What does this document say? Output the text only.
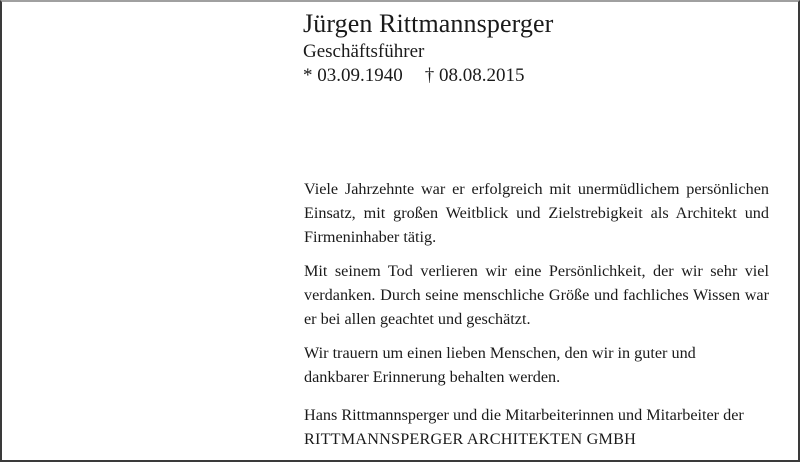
Jürgen Rittmannsperger
Geschäftsführer
* 03.09.1940 † 08.08.2015

Viele Jahrzehnte war er erfolgreich mit unermüdlichem persönlichen Einsatz, mit großen Weitblick und Zielstrebigkeit als Architekt und Firmeninhaber tätig.

Mit seinem Tod verlieren wir eine Persönlichkeit, der wir sehr viel verdanken. Durch seine menschliche Größe und fachliches Wissen war er bei allen geachtet und geschätzt.

Wir trauern um einen lieben Menschen, den wir in guter und
dankbarer Erinnerung behalten werden.
Hans Rittmannsperger und die Mitarbeiterinnen und Mitarbeiter der
RITTMANNSPERGER ARCHITEKTEN GMBH
